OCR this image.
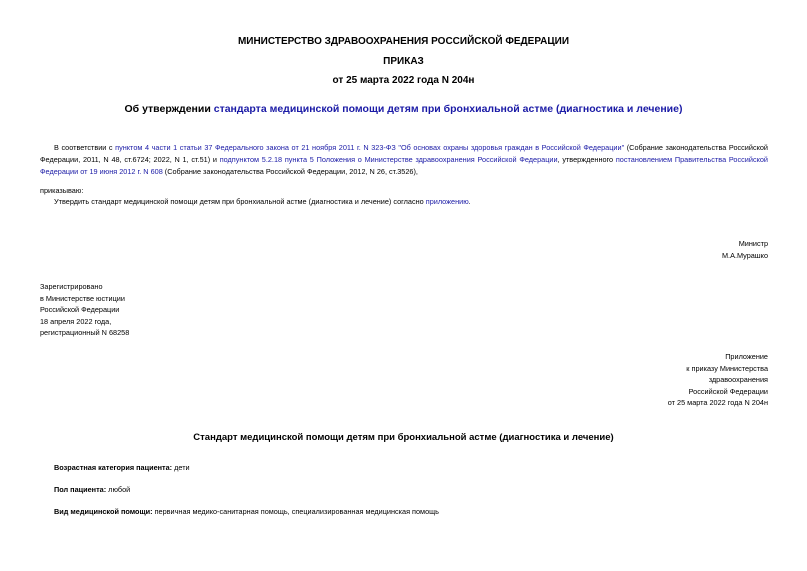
МИНИСТЕРСТВО ЗДРАВООХРАНЕНИЯ РОССИЙСКОЙ ФЕДЕРАЦИИ
ПРИКАЗ
от 25 марта 2022 года N 204н
Об утверждении стандарта медицинской помощи детям при бронхиальной астме (диагностика и лечение)
В соответствии с пунктом 4 части 1 статьи 37 Федерального закона от 21 ноября 2011 г. N 323-ФЗ "Об основах охраны здоровья граждан в Российской Федерации" (Собрание законодательства Российской Федерации, 2011, N 48, ст.6724; 2022, N 1, ст.51) и подпунктом 5.2.18 пункта 5 Положения о Министерстве здравоохранения Российской Федерации, утвержденного постановлением Правительства Российской Федерации от 19 июня 2012 г. N 608 (Собрание законодательства Российской Федерации, 2012, N 26, ст.3526),
приказываю:
Утвердить стандарт медицинской помощи детям при бронхиальной астме (диагностика и лечение) согласно приложению.
Министр
М.А.Мурашко
Зарегистрировано
в Министерстве юстиции
Российской Федерации
18 апреля 2022 года,
регистрационный N 68258
Приложение
к приказу Министерства
здравоохранения
Российской Федерации
от 25 марта 2022 года N 204н
Стандарт медицинской помощи детям при бронхиальной астме (диагностика и лечение)
Возрастная категория пациента: дети
Пол пациента: любой
Вид медицинской помощи: первичная медико-санитарная помощь, специализированная медицинская помощь
